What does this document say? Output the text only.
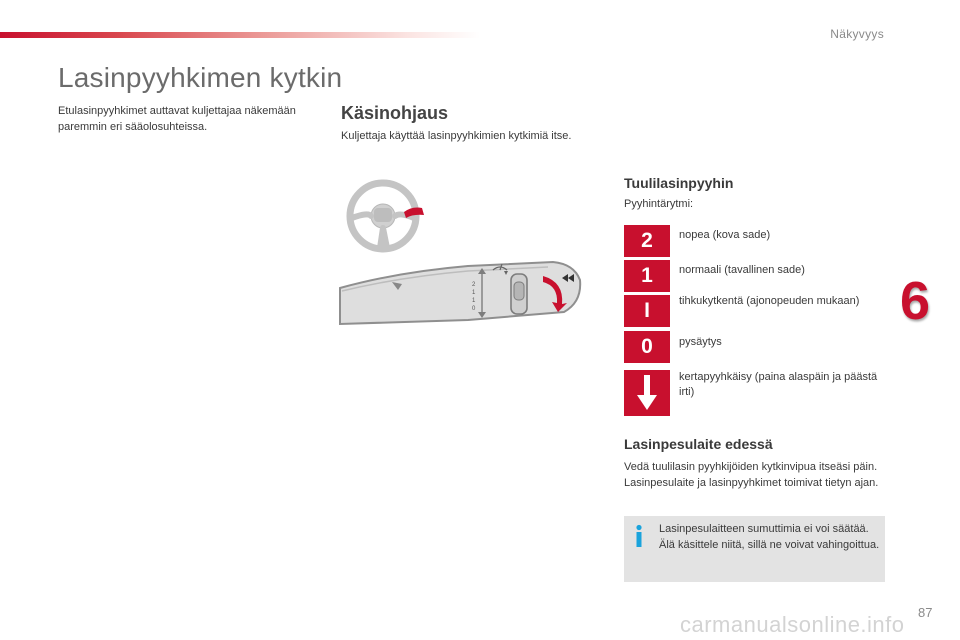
Näkyvyys
Lasinpyyhkimen kytkin

Etulasinpyyhkimet auttavat kuljettajaa näkemään paremmin eri sääolosuhteissa.

Käsinohjaus

Kuljettaja käyttää lasinpyyhkimien kytkimiä itse.

2
1
1
0
Tuulilasinpyyhin

Pyyhintärytmi:

2	nopea (kova sade)
1	normaali (tavallinen sade)
I	tihkukytkentä (ajonopeuden mukaan)
0	pysäytys
kertapyyhkäisy (paina alaspäin ja päästä irti)
Lasinpesulaite edessä

Vedä tuulilasin pyyhkijöiden kytkinvipua itseäsi päin. Lasinpesulaite ja lasinpyyhkimet toimivat tietyn ajan.

Lasinpesulaitteen sumuttimia ei voi säätää. Älä käsittele niitä, sillä ne voivat vahingoittua.

6
carmanualsonline.info 87
